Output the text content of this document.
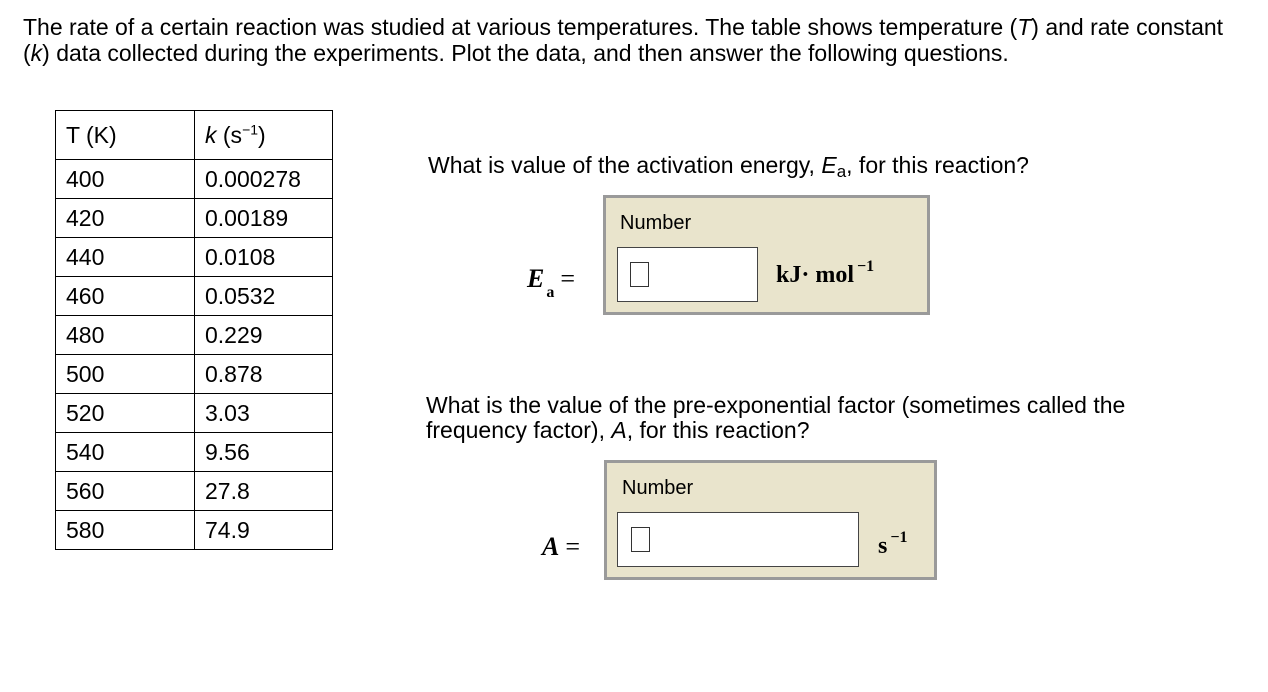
The rate of a certain reaction was studied at various temperatures. The table shows temperature (T) and rate constant (k) data collected during the experiments. Plot the data, and then answer the following questions.

T (K)	k $(s^{-1})$
400	0.000278
420	0.00189
440	0.0108
460	0.0532
480	0.229
500	0.878
520	3.03
540	9.56
560	27.8
580	74.9

What is value of the activation energy, $E_a$, for this reaction?

E $_a$ =
Number
kJ· mol $^{-1}$

What is the value of the pre-exponential factor (sometimes called the frequency factor), A, for this reaction?

A =
Number
s $^{-1}$
